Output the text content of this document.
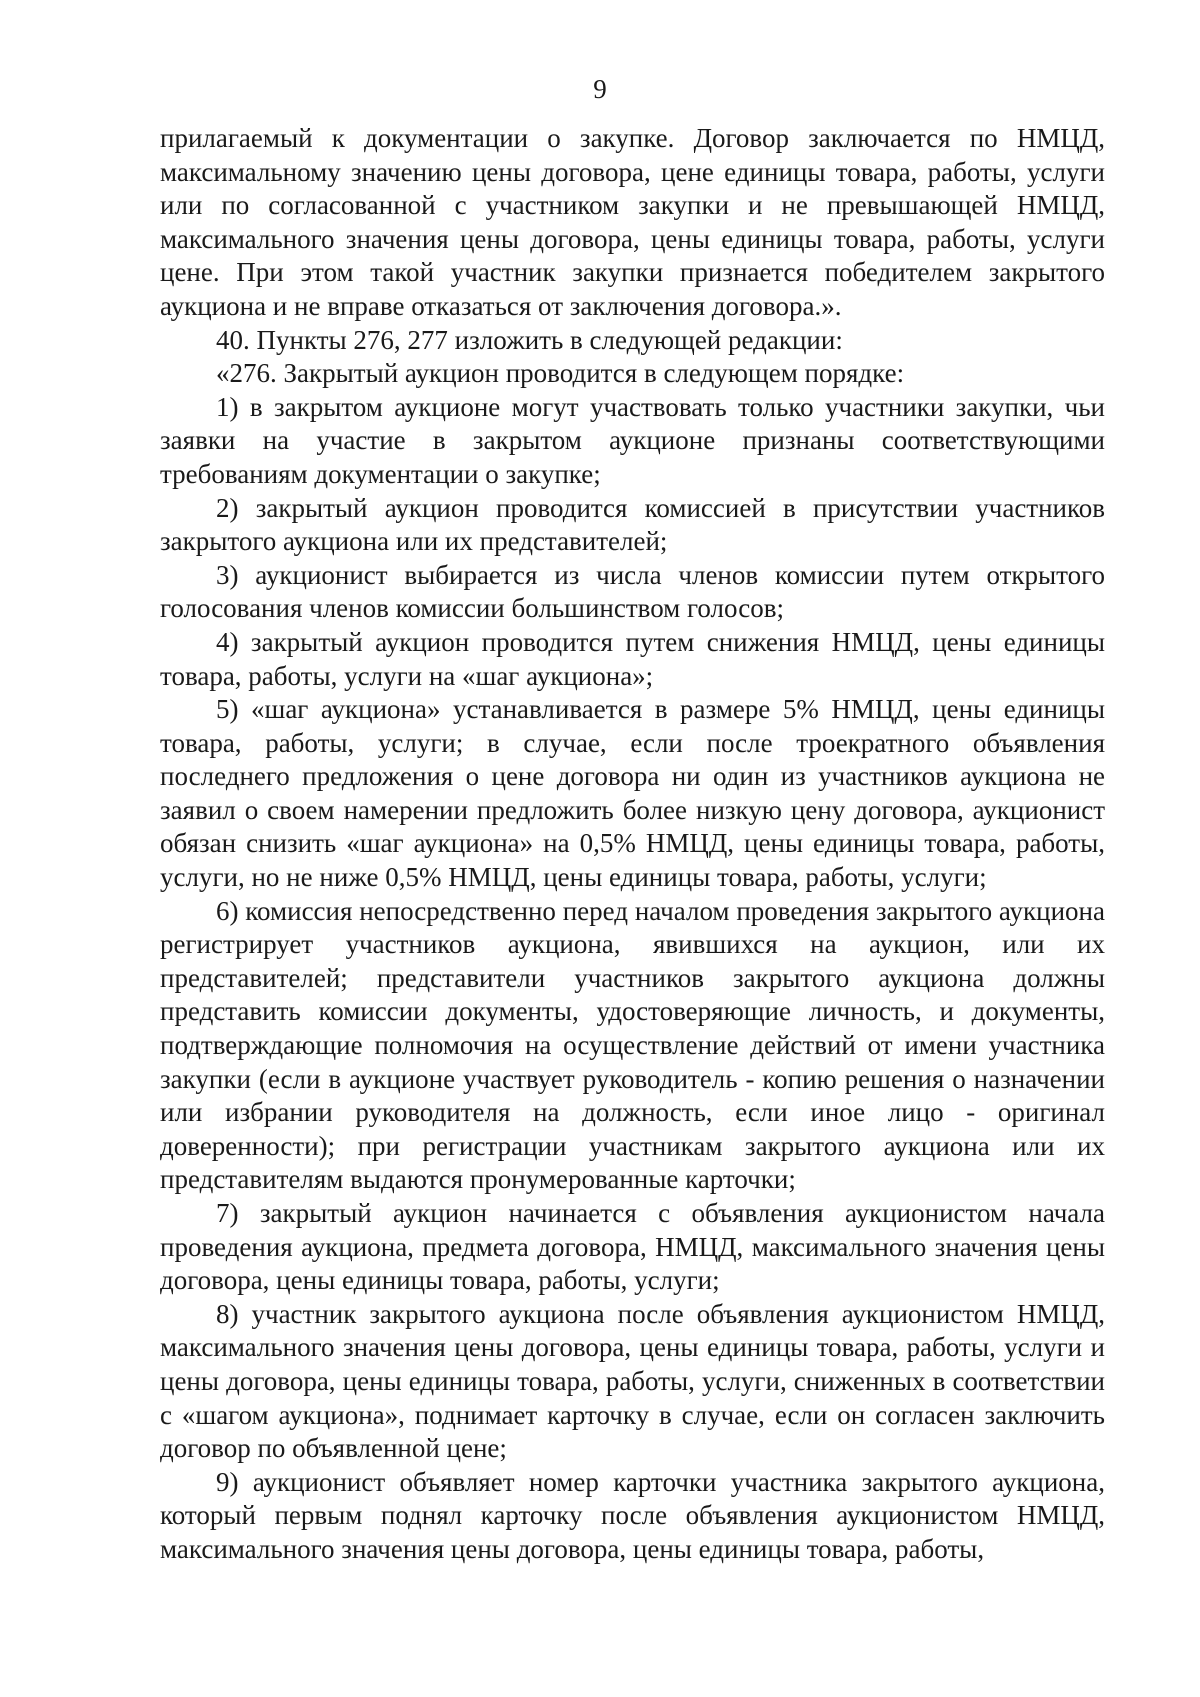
9

прилагаемый к документации о закупке. Договор заключается по НМЦД, максимальному значению цены договора, цене единицы товара, работы, услуги или по согласованной с участником закупки и не превышающей НМЦД, максимального значения цены договора, цены единицы товара, работы, услуги цене. При этом такой участник закупки признается победителем закрытого аукциона и не вправе отказаться от заключения договора.».

40. Пункты 276, 277 изложить в следующей редакции:

«276. Закрытый аукцион проводится в следующем порядке:

1) в закрытом аукционе могут участвовать только участники закупки, чьи заявки на участие в закрытом аукционе признаны соответствующими требованиям документации о закупке;

2) закрытый аукцион проводится комиссией в присутствии участников закрытого аукциона или их представителей;

3) аукционист выбирается из числа членов комиссии путем открытого голосования членов комиссии большинством голосов;

4) закрытый аукцион проводится путем снижения НМЦД, цены единицы товара, работы, услуги на «шаг аукциона»;

5) «шаг аукциона» устанавливается в размере 5% НМЦД, цены единицы товара, работы, услуги; в случае, если после троекратного объявления последнего предложения о цене договора ни один из участников аукциона не заявил о своем намерении предложить более низкую цену договора, аукционист обязан снизить «шаг аукциона» на 0,5% НМЦД, цены единицы товара, работы, услуги, но не ниже 0,5% НМЦД, цены единицы товара, работы, услуги;

6) комиссия непосредственно перед началом проведения закрытого аукциона регистрирует участников аукциона, явившихся на аукцион, или их представителей; представители участников закрытого аукциона должны представить комиссии документы, удостоверяющие личность, и документы, подтверждающие полномочия на осуществление действий от имени участника закупки (если в аукционе участвует руководитель - копию решения о назначении или избрании руководителя на должность, если иное лицо - оригинал доверенности); при регистрации участникам закрытого аукциона или их представителям выдаются пронумерованные карточки;

7) закрытый аукцион начинается с объявления аукционистом начала проведения аукциона, предмета договора, НМЦД, максимального значения цены договора, цены единицы товара, работы, услуги;

8) участник закрытого аукциона после объявления аукционистом НМЦД, максимального значения цены договора, цены единицы товара, работы, услуги и цены договора, цены единицы товара, работы, услуги, сниженных в соответствии с «шагом аукциона», поднимает карточку в случае, если он согласен заключить договор по объявленной цене;

9) аукционист объявляет номер карточки участника закрытого аукциона, который первым поднял карточку после объявления аукционистом НМЦД, максимального значения цены договора, цены единицы товара, работы,
